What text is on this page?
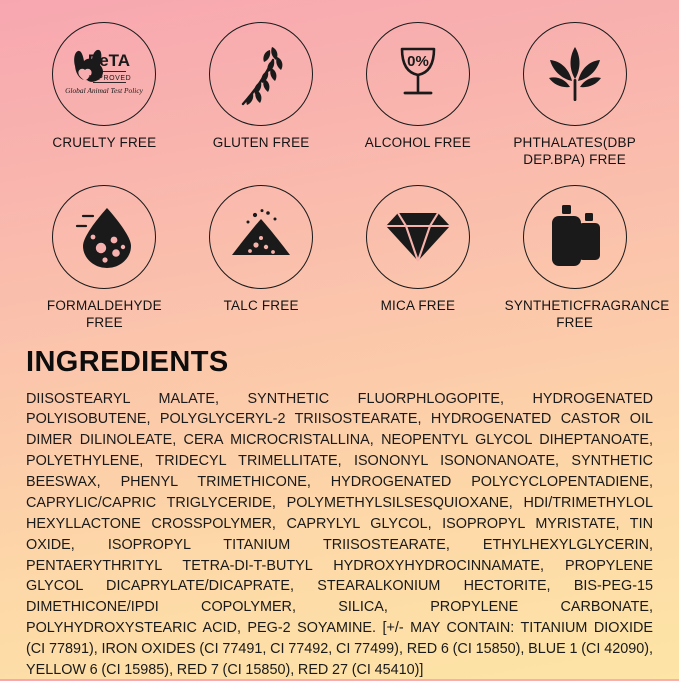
PeTA
APPROVED
Global Animal Test Policy
CRUELTY FREE	GLUTEN FREE
0%
ALCOHOL FREE	PHTHALATES(DBP DEP.BPA) FREE
FORMALDEHYDE FREE
TALC FREE	MICA FREE	SYNTHETICFRAGRANCE FREE
INGREDIENTS
DIISOSTEARYL MALATE, SYNTHETIC FLUORPHLOGOPITE, HYDROGENATED POLYISOBUTENE, POLYGLYCERYL-2 TRIISOSTEARATE, HYDROGENATED CASTOR OIL DIMER DILINOLEATE, CERA MICROCRISTALLINA, NEOPENTYL GLYCOL DIHEPTANOATE, POLYETHYLENE, TRIDECYL TRIMELLITATE, ISONONYL ISONONANOATE, SYNTHETIC BEESWAX, PHENYL TRIMETHICONE, HYDROGENATED POLYCYCLOPENTADIENE, CAPRYLIC/CAPRIC TRIGLYCERIDE, POLYMETHYLSILSESQUIOXANE, HDI/TRIMETHYLOL HEXYLLACTONE CROSSPOLYMER, CAPRYLYL GLYCOL, ISOPROPYL MYRISTATE, TIN OXIDE, ISOPROPYL TITANIUM TRIISOSTEARATE, ETHYLHEXYLGLYCERIN, PENTAERYTHRITYL TETRA-DI-T-BUTYL HYDROXYHYDROCINNAMATE, PROPYLENE GLYCOL DICAPRYLATE/DICAPRATE, STEARALKONIUM HECTORITE, BIS-PEG-15 DIMETHICONE/IPDI COPOLYMER, SILICA, PROPYLENE CARBONATE, POLYHYDROXYSTEARIC ACID, PEG-2 SOYAMINE. [+/- MAY CONTAIN: TITANIUM DIOXIDE (CI 77891), IRON OXIDES (CI 77491, CI 77492, CI 77499), RED 6 (CI 15850), BLUE 1 (CI 42090), YELLOW 6 (CI 15985), RED 7 (CI 15850), RED 27 (CI 45410)]
